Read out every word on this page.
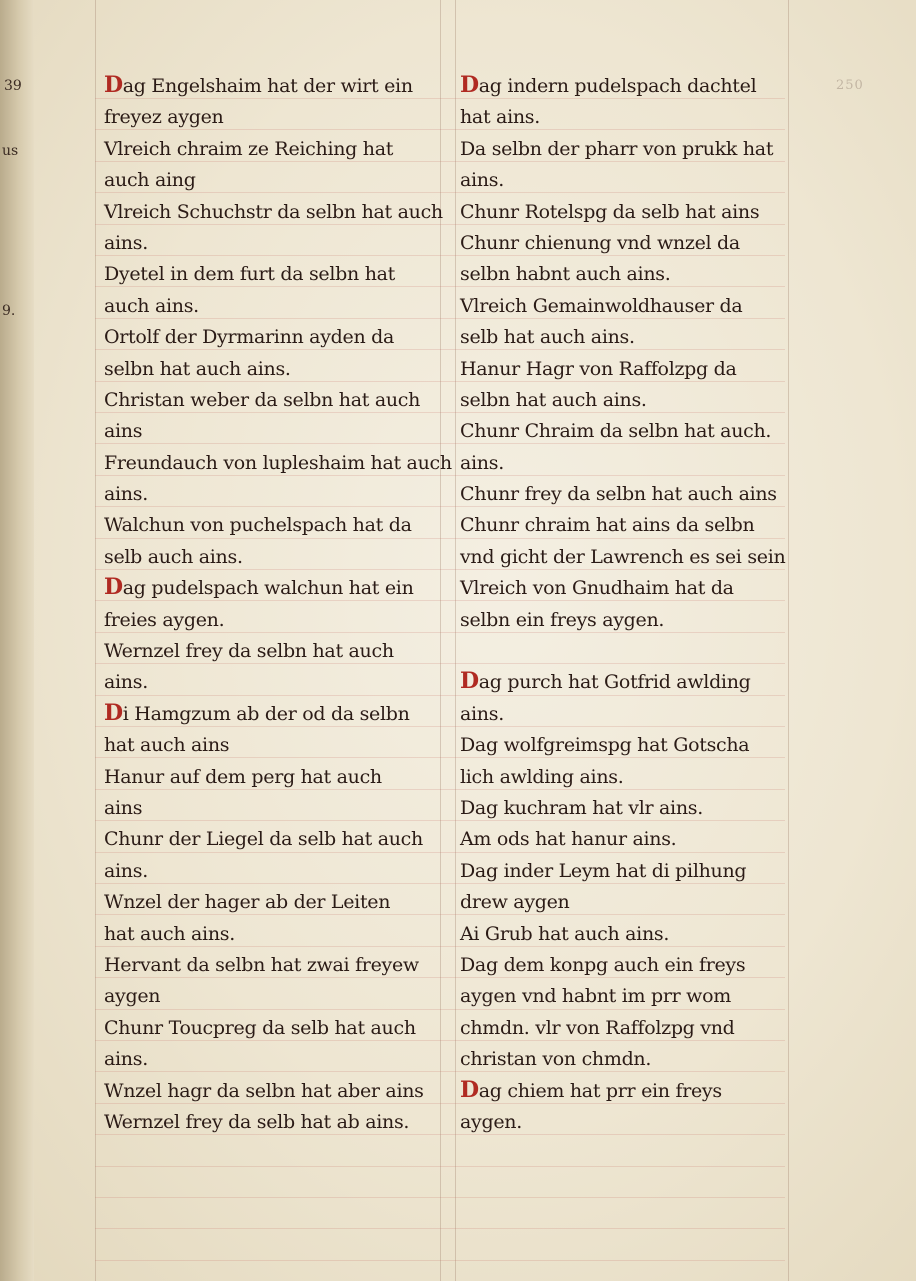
39
us
9.
250
Dag Engelshaim hat der wirt ein
freyez aygen
Vlreich chraim ze Reiching hat
auch aing
Vlreich Schuchstr da selbn hat auch
ains.
Dyetel in dem furt da selbn hat
auch ains.
Ortolf der Dyrmarinn ayden da
selbn hat auch ains.
Christan weber da selbn hat auch
ains
Freundauch von lupleshaim hat auch
ains.
Walchun von puchelspach hat da
selb auch ains.
Dag pudelspach walchun hat ein
freies aygen.
Wernzel frey da selbn hat auch
ains.
Di Hamgzum ab der od da selbn
hat auch ains
Hanur auf dem perg hat auch
ains
Chunr der Liegel da selb hat auch
ains.
Wnzel der hager ab der Leiten
hat auch ains.
Hervant da selbn hat zwai freyew
aygen
Chunr Toucpreg da selb hat auch
ains.
Wnzel hagr da selbn hat aber ains
Wernzel frey da selb hat ab ains.
Dag indern pudelspach dachtel
hat ains.
Da selbn der pharr von prukk hat
ains.
Chunr Rotelspg da selb hat ains
Chunr chienung vnd wnzel da
selbn habnt auch ains.
Vlreich Gemainwoldhauser da
selb hat auch ains.
Hanur Hagr von Raffolzpg da
selbn hat auch ains.
Chunr Chraim da selbn hat auch.
ains.
Chunr frey da selbn hat auch ains
Chunr chraim hat ains da selbn
vnd gicht der Lawrench es sei sein
Vlreich von Gnudhaim hat da
selbn ein freys aygen.
Dag purch hat Gotfrid awlding
ains.
Dag wolfgreimspg hat Gotscha
lich awlding ains.
Dag kuchram hat vlr ains.
Am ods hat hanur ains.
Dag inder Leym hat di pilhung
drew aygen
Ai Grub hat auch ains.
Dag dem konpg auch ein freys
aygen vnd habnt im prr wom
chmdn. vlr von Raffolzpg vnd
christan von chmdn.
Dag chiem hat prr ein freys
aygen.
